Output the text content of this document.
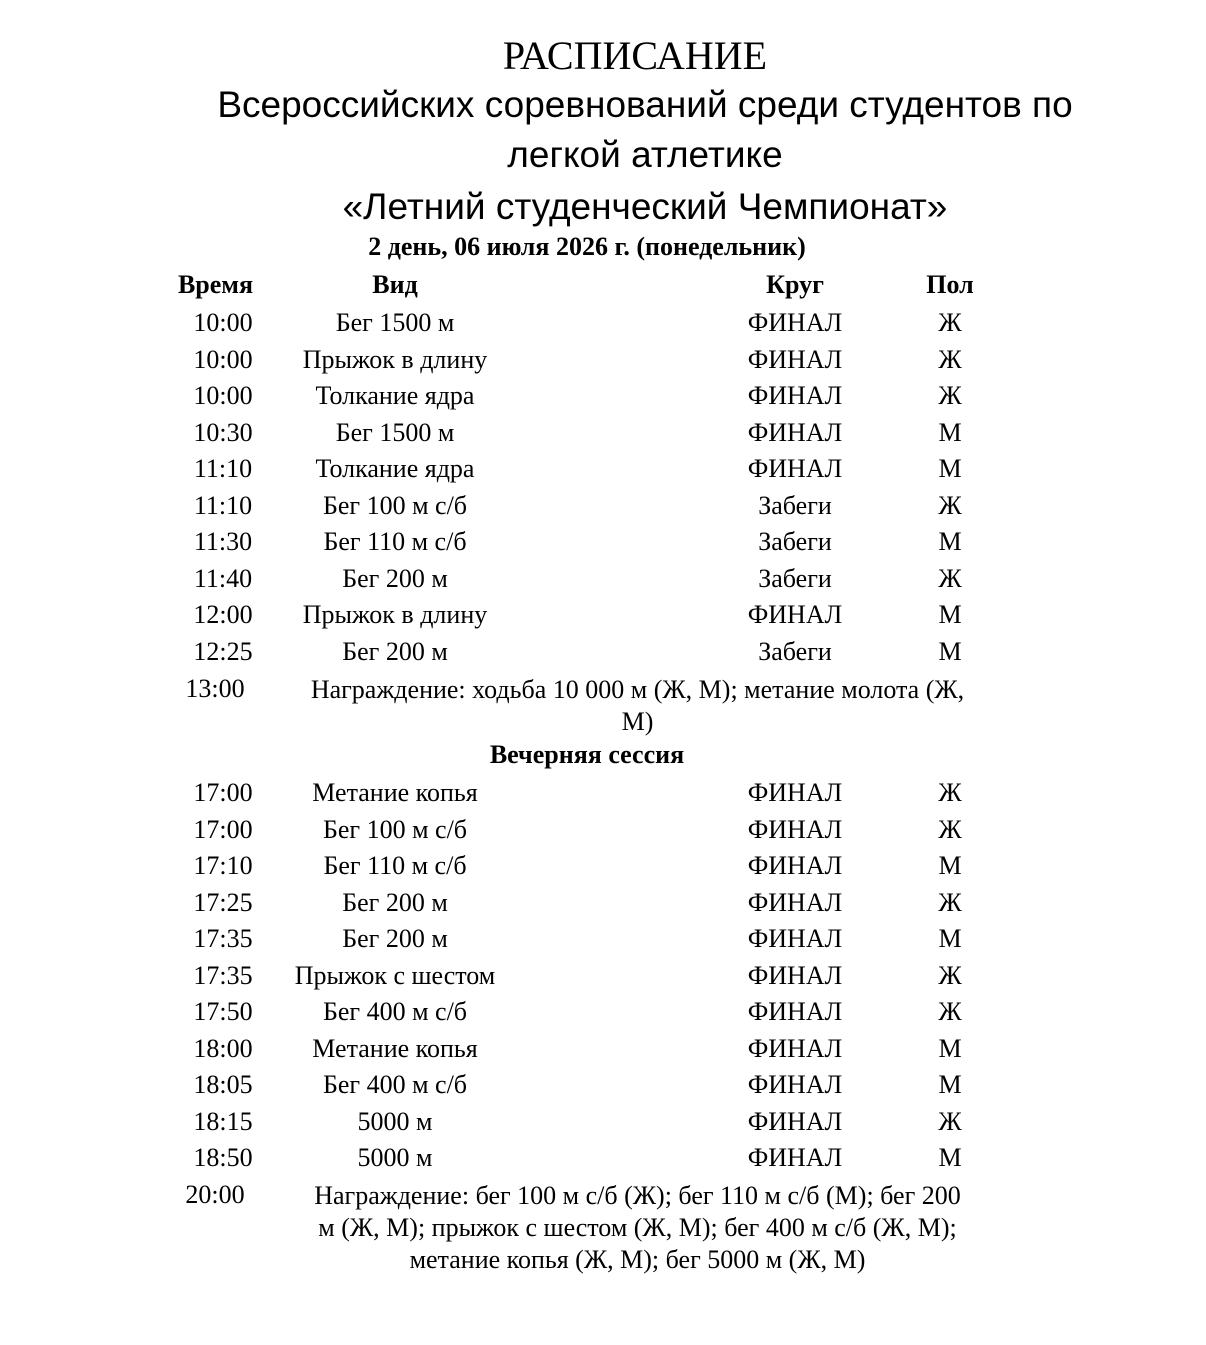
РАСПИСАНИЕ
Всероссийских соревнований среди студентов по
легкой атлетике
«Летний студенческий Чемпионат»
2 день, 06 июля 2026 г. (понедельник)
Время	Вид	Круг	Пол
10:00	Бег 1500 м	ФИНАЛ	Ж
10:00	Прыжок в длину	ФИНАЛ	Ж
10:00	Толкание ядра	ФИНАЛ	Ж
10:30	Бег 1500 м	ФИНАЛ	М
11:10	Толкание ядра	ФИНАЛ	М
11:10	Бег 100 м с/б	Забеги	Ж
11:30	Бег 110 м с/б	Забеги	М
11:40	Бег 200 м	Забеги	Ж
12:00	Прыжок в длину	ФИНАЛ	М
12:25	Бег 200 м	Забеги	М
13:00	Награждение: ходьба 10 000 м (Ж, М); метание молота (Ж,
М)
Вечерняя сессия
17:00	Метание копья	ФИНАЛ	Ж
17:00	Бег 100 м с/б	ФИНАЛ	Ж
17:10	Бег 110 м с/б	ФИНАЛ	М
17:25	Бег 200 м	ФИНАЛ	Ж
17:35	Бег 200 м	ФИНАЛ	М
17:35	Прыжок с шестом	ФИНАЛ	Ж
17:50	Бег 400 м с/б	ФИНАЛ	Ж
18:00	Метание копья	ФИНАЛ	М
18:05	Бег 400 м с/б	ФИНАЛ	М
18:15	5000 м	ФИНАЛ	Ж
18:50	5000 м	ФИНАЛ	М
20:00	Награждение: бег 100 м с/б (Ж); бег 110 м с/б (М); бег 200
м (Ж, М); прыжок с шестом (Ж, М); бег 400 м с/б (Ж, М);
метание копья (Ж, М); бег 5000 м (Ж, М)
